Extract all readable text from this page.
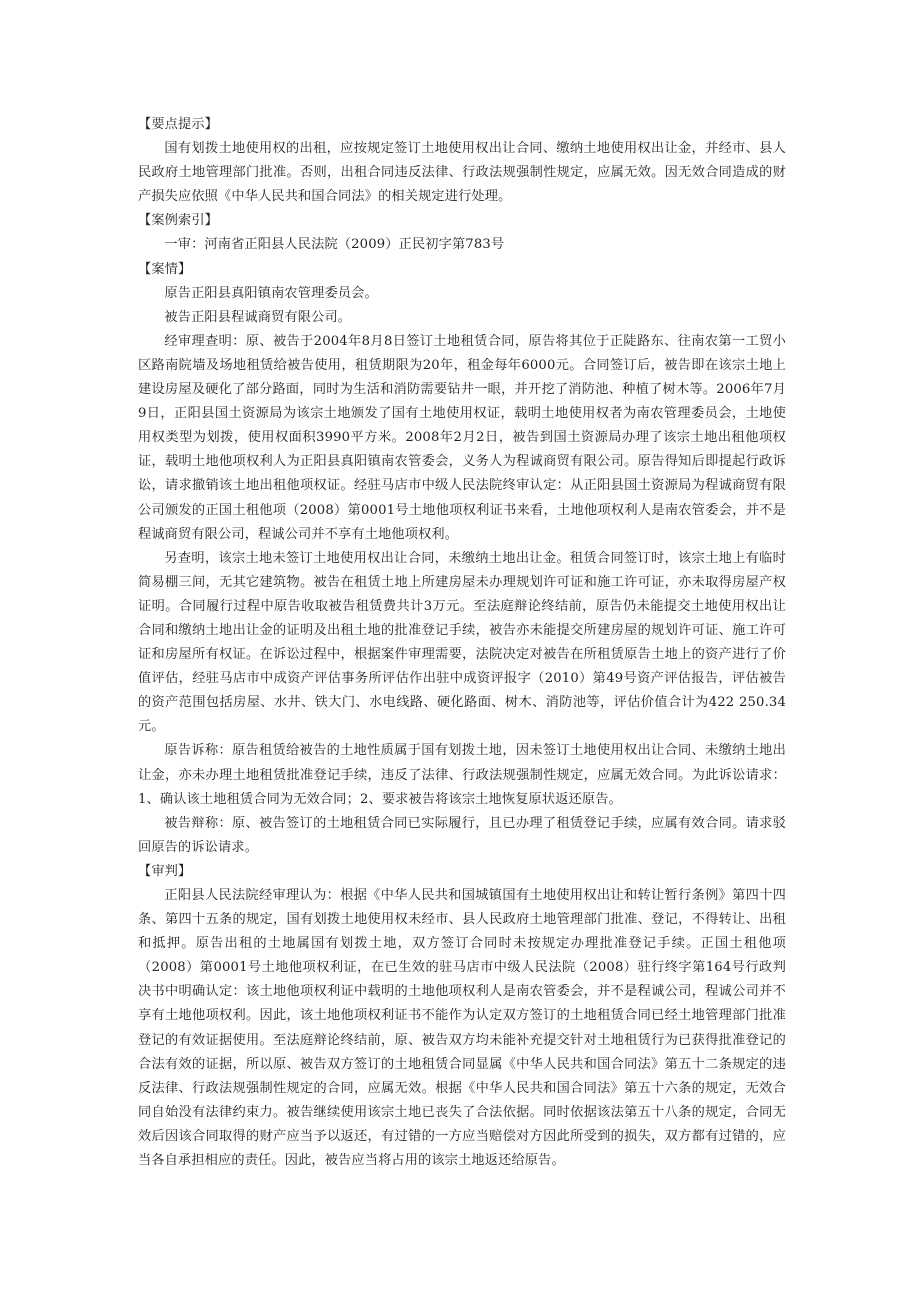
【要点提示】

国有划拨土地使用权的出租，应按规定签订土地使用权出让合同、缴纳土地使用权出让金，并经市、县人民政府土地管理部门批准。否则，出租合同违反法律、行政法规强制性规定，应属无效。因无效合同造成的财产损失应依照《中华人民共和国合同法》的相关规定进行处理。

【案例索引】

一审：河南省正阳县人民法院（2009）正民初字第783号

【案情】

原告正阳县真阳镇南农管理委员会。

被告正阳县程诚商贸有限公司。

经审理查明：原、被告于2004年8月8日签订土地租赁合同，原告将其位于正陡路东、往南农第一工贸小区路南院墙及场地租赁给被告使用，租赁期限为20年，租金每年6000元。合同签订后，被告即在该宗土地上建设房屋及硬化了部分路面，同时为生活和消防需要钻井一眼，并开挖了消防池、种植了树木等。2006年7月9日，正阳县国土资源局为该宗土地颁发了国有土地使用权证，载明土地使用权者为南农管理委员会，土地使用权类型为划拨，使用权面积3990平方米。2008年2月2日，被告到国土资源局办理了该宗土地出租他项权证，载明土地他项权利人为正阳县真阳镇南农管委会，义务人为程诚商贸有限公司。原告得知后即提起行政诉讼，请求撤销该土地出租他项权证。经驻马店市中级人民法院终审认定：从正阳县国土资源局为程诚商贸有限公司颁发的正国土租他项（2008）第0001号土地他项权利证书来看，土地他项权利人是南农管委会，并不是程诚商贸有限公司，程诚公司并不享有土地他项权利。

另查明，该宗土地未签订土地使用权出让合同，未缴纳土地出让金。租赁合同签订时，该宗土地上有临时简易棚三间，无其它建筑物。被告在租赁土地上所建房屋未办理规划许可证和施工许可证，亦未取得房屋产权证明。合同履行过程中原告收取被告租赁费共计3万元。至法庭辩论终结前，原告仍未能提交土地使用权出让合同和缴纳土地出让金的证明及出租土地的批准登记手续，被告亦未能提交所建房屋的规划许可证、施工许可证和房屋所有权证。在诉讼过程中，根据案件审理需要，法院决定对被告在所租赁原告土地上的资产进行了价值评估，经驻马店市中成资产评估事务所评估作出驻中成资评报字（2010）第49号资产评估报告，评估被告的资产范围包括房屋、水井、铁大门、水电线路、硬化路面、树木、消防池等，评估价值合计为422 250.34元。

原告诉称：原告租赁给被告的土地性质属于国有划拨土地，因未签订土地使用权出让合同、未缴纳土地出让金，亦未办理土地租赁批准登记手续，违反了法律、行政法规强制性规定，应属无效合同。为此诉讼请求：1、确认该土地租赁合同为无效合同；2、要求被告将该宗土地恢复原状返还原告。

被告辩称：原、被告签订的土地租赁合同已实际履行，且已办理了租赁登记手续，应属有效合同。请求驳回原告的诉讼请求。

【审判】

正阳县人民法院经审理认为：根据《中华人民共和国城镇国有土地使用权出让和转让暂行条例》第四十四条、第四十五条的规定，国有划拨土地使用权未经市、县人民政府土地管理部门批准、登记，不得转让、出租和抵押。原告出租的土地属国有划拨土地，双方签订合同时未按规定办理批准登记手续。正国土租他项（2008）第0001号土地他项权利证，在已生效的驻马店市中级人民法院（2008）驻行终字第164号行政判决书中明确认定：该土地他项权利证中载明的土地他项权利人是南农管委会，并不是程诚公司，程诚公司并不享有土地他项权利。因此，该土地他项权利证书不能作为认定双方签订的土地租赁合同已经土地管理部门批准登记的有效证据使用。至法庭辩论终结前，原、被告双方均未能补充提交针对土地租赁行为已获得批准登记的合法有效的证据，所以原、被告双方签订的土地租赁合同显属《中华人民共和国合同法》第五十二条规定的违反法律、行政法规强制性规定的合同，应属无效。根据《中华人民共和国合同法》第五十六条的规定，无效合同自始没有法律约束力。被告继续使用该宗土地已丧失了合法依据。同时依据该法第五十八条的规定，合同无效后因该合同取得的财产应当予以返还，有过错的一方应当赔偿对方因此所受到的损失，双方都有过错的，应当各自承担相应的责任。因此，被告应当将占用的该宗土地返还给原告。
